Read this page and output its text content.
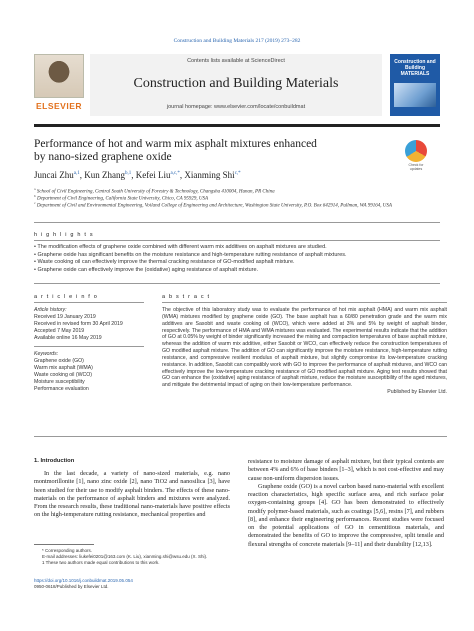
Construction and Building Materials 217 (2019) 273–282
ELSEVIER
Contents lists available at ScienceDirect
Construction and Building Materials
journal homepage: www.elsevier.com/locate/conbuildmat
Construction and Building MATERIALS
Performance of hot and warm mix asphalt mixtures enhanced
by nano-sized graphene oxide
Check for updates
Juncai Zhu$^{a,1}$, Kun Zhang$^{b,1}$, Kefei Liu$^{a,c,*}$, Xianming Shi$^{c,*}$
$^a$ School of Civil Engineering, Central South University of Forestry & Technology, Changsha 410004, Hunan, PR China
$^b$ Department of Civil Engineering, California State University, Chico, CA 95929, USA
$^c$ Department of Civil and Environmental Engineering, Voiland College of Engineering and Architecture, Washington State University, P.O. Box 642914, Pullman, WA 99164, USA
h i g h l i g h t s
• The modification effects of graphene oxide combined with different warm mix additives on asphalt mixtures are studied.
• Graphene oxide has significant benefits on the moisture resistance and high-temperature rutting resistance of asphalt mixtures.
• Waste cooking oil can effectively improve the thermal cracking resistance of GO-modified asphalt mixture.
• Graphene oxide can effectively improve the (oxidative) aging resistance of asphalt mixture.
a r t i c l e i n f o	a b s t r a c t
Article history:
Received 19 January 2019
Received in revised form 30 April 2019
Accepted 7 May 2019
Available online 16 May 2019
Keywords:
Graphene oxide (GO)
Warm mix asphalt (WMA)
Waste cooking oil (WCO)
Moisture susceptibility
Performance evaluation
The objective of this laboratory study was to evaluate the performance of hot mix asphalt (HMA) and warm mix asphalt (WMA) mixtures modified by graphene oxide (GO). The base asphalt has a 60/80 penetration grade and the warm mix additives are Sasobit and waste cooking oil (WCO), which were added at 3% and 5% by weight of asphalt binder, respectively. The performance of HMA and WMA mixtures was evaluated. The experimental results indicate that the addition of GO at 0.05% by weight of binder significantly increased the mixing and compaction temperatures of base asphalt mixture, whereas the addition of warm mix additive, either Sasobit or WCO, can effectively reduce the construction temperatures of GO modified asphalt mixture. The addition of GO can significantly improve the moisture resistance, high-temperature rutting resistance, and compressive resilient modulus of asphalt mixture, but slightly compromise its low-temperature cracking resistance. In addition, Sasobit can compatibly work with GO to improve the performance of asphalt mixtures, and WCO can effectively improve the low-temperature cracking resistance of GO modified asphalt mixture. Aging test results showed that GO can enhance the (oxidative) aging resistance of asphalt mixture, reduce the moisture susceptibility of the aged mixtures, and mitigate the detrimental impact of aging on their low-temperature performance.
Published by Elsevier Ltd.
1. Introduction
In the last decade, a variety of nano-sized materials, e.g. nano montmorillonite [1], nano zinc oxide [2], nano TiO2 and nanosilica [3], have been studied for their use to modify asphalt binders. The effects of these nano-materials on the performance of asphalt binders and mixtures were analyzed. From the research results, these traditional nano-materials have positive effects on the high-temperature rutting resistance, mechanical properties and
resistance to moisture damage of asphalt mixture, but their typical contents are between 4% and 6% of base binders [1–3], which is not cost-effective and may cause non-uniform dispersion issues.
Graphene oxide (GO) is a novel carbon based nano-material with excellent reaction characteristics, high specific surface area, and rich surface polar oxygen-containing groups [4]. GO has been demonstrated to effectively modify polymer-based materials, such as coatings [5,6], resins [7], and rubbers [8], and enhance their engineering performances. Recent studies were focused on the potential applications of GO in cementitious materials, and demonstrated the benefits of GO to improve the compressive, split tensile and flexural strengths of concrete materials [9–11] and their durability [12,13].
* Corresponding authors.
E-mail addresses: liukefei0201@163.com (K. Liu), xianming.shi@wsu.edu (X. Shi).
1 These two authors made equal contributions to this work.
https://doi.org/10.1016/j.conbuildmat.2019.05.054
0950-0618/Published by Elsevier Ltd.
